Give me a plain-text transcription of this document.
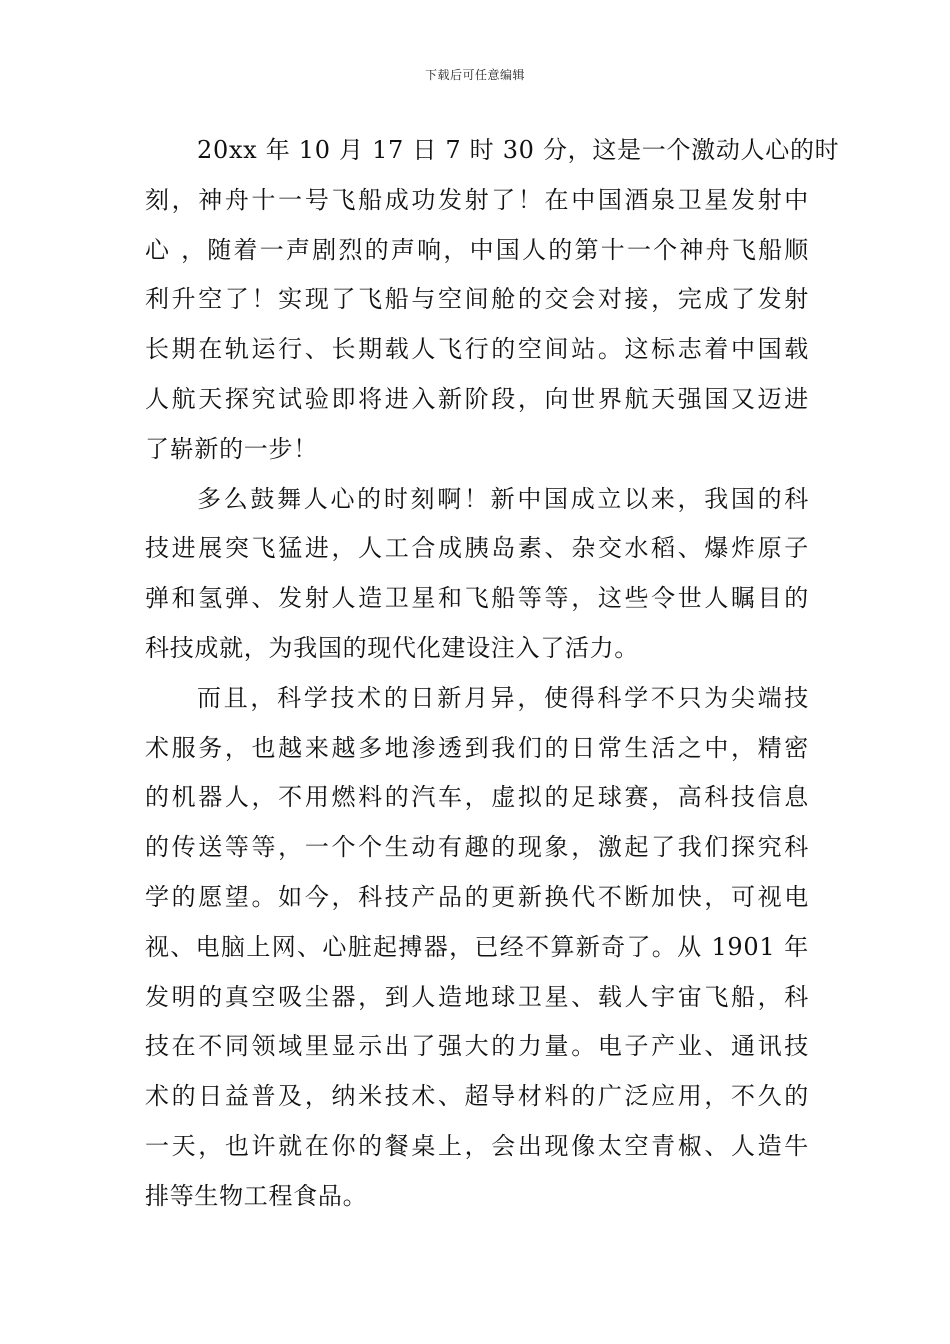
下载后可任意编辑
20xx 年 10 月 17 日 7 时 30 分，这是一个激动人心的时
刻，神舟十一号飞船成功发射了！在中国酒泉卫星发射中
心 ，随着一声剧烈的声响，中国人的第十一个神舟飞船顺
利升空了！实现了飞船与空间舱的交会对接，完成了发射
长期在轨运行、长期载人飞行的空间站。这标志着中国载
人航天探究试验即将进入新阶段，向世界航天强国又迈进
了崭新的一步！
多么鼓舞人心的时刻啊！新中国成立以来，我国的科
技进展突飞猛进，人工合成胰岛素、杂交水稻、爆炸原子
弹和氢弹、发射人造卫星和飞船等等，这些令世人瞩目的
科技成就，为我国的现代化建设注入了活力。
而且，科学技术的日新月异，使得科学不只为尖端技
术服务，也越来越多地渗透到我们的日常生活之中，精密
的机器人，不用燃料的汽车，虚拟的足球赛，高科技信息
的传送等等，一个个生动有趣的现象，激起了我们探究科
学的愿望。如今，科技产品的更新换代不断加快，可视电
视、电脑上网、心脏起搏器，已经不算新奇了。从 1901 年
发明的真空吸尘器，到人造地球卫星、载人宇宙飞船，科
技在不同领域里显示出了强大的力量。电子产业、通讯技
术的日益普及，纳米技术、超导材料的广泛应用，不久的
一天，也许就在你的餐桌上，会出现像太空青椒、人造牛
排等生物工程食品。
